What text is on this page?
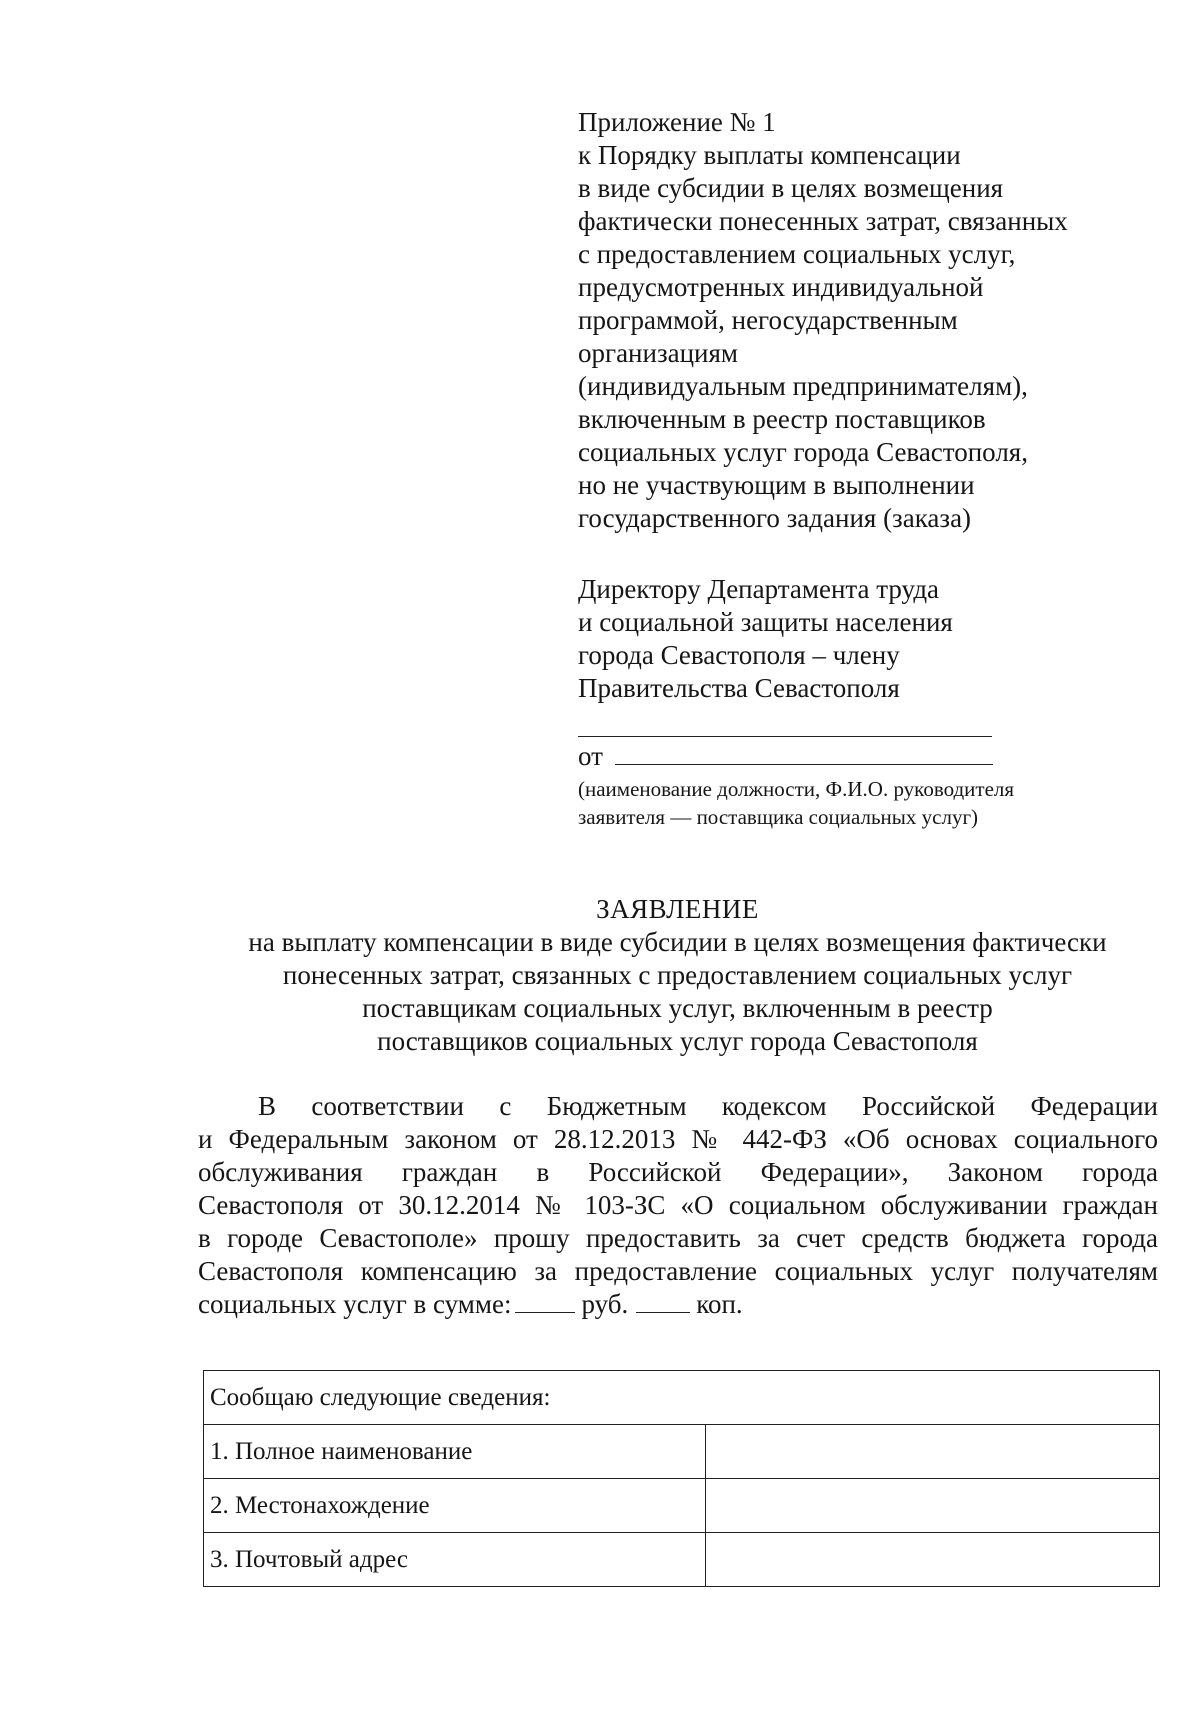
Приложение № 1
к Порядку выплаты компенсации
в виде субсидии в целях возмещения
фактически понесенных затрат, связанных
с предоставлением социальных услуг,
предусмотренных индивидуальной
программой, негосударственным
организациям
(индивидуальным предпринимателям),
включенным в реестр поставщиков
социальных услуг города Севастополя,
но не участвующим в выполнении
государственного задания (заказа)
Директору Департамента труда
и социальной защиты населения
города Севастополя – члену
Правительства Севастополя
от
(наименование должности, Ф.И.О. руководителя
заявителя — поставщика социальных услуг)
ЗАЯВЛЕНИЕ
на выплату компенсации в виде субсидии в целях возмещения фактически
понесенных затрат, связанных с предоставлением социальных услуг
поставщикам социальных услуг, включенным в реестр
поставщиков социальных услуг города Севастополя
В соответствии с Бюджетным кодексом Российской Федерации
и Федеральным законом от 28.12.2013 № 442-ФЗ «Об основах социального
обслуживания граждан в Российской Федерации», Законом города
Севастополя от 30.12.2014 № 103-ЗС «О социальном обслуживании граждан
в городе Севастополе» прошу предоставить за счет средств бюджета города
Севастополя компенсацию за предоставление социальных услуг получателям
социальных услуг в сумме:	руб.	коп.
Сообщаю следующие сведения:	
1. Полное наименование	
2. Местонахождение	
3. Почтовый адрес	
